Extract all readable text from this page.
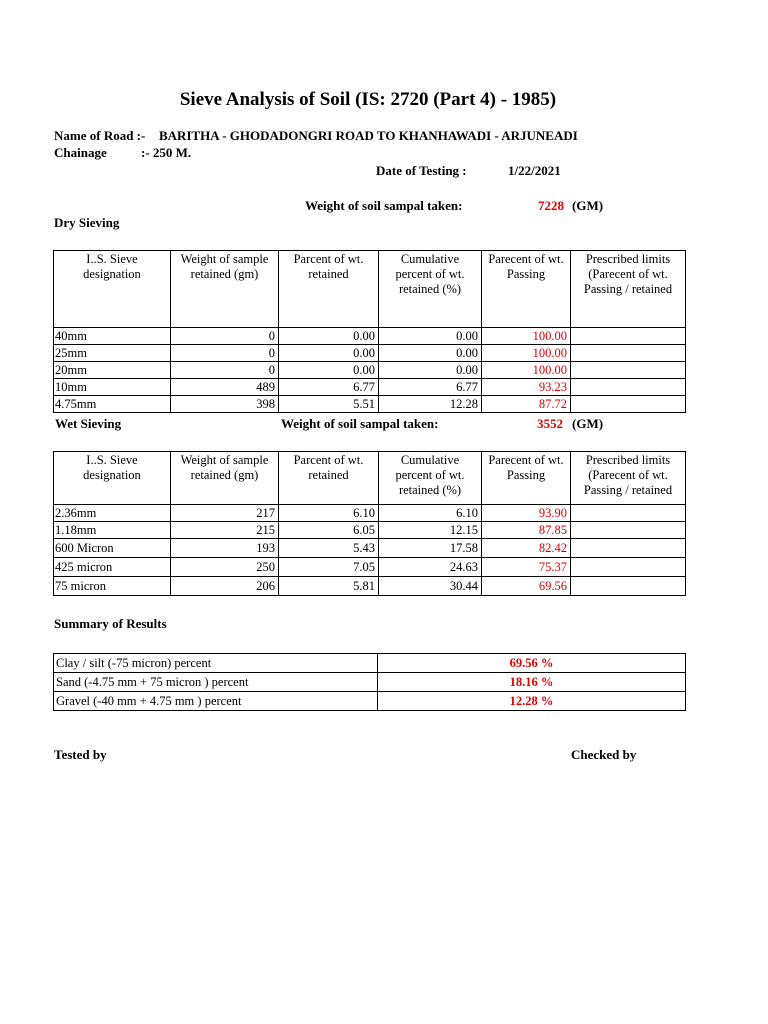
Sieve Analysis of Soil (IS: 2720 (Part 4) - 1985)
Name of Road :- BARITHA - GHODADONGRI ROAD TO KHANHAWADI - ARJUNEADI
Chainage	:- 250 M.
Date of Testing :	1/22/2021
Weight of soil sampal taken:	7228 (GM)
Dry Sieving
I..S. Sieve designation	Weight of sample retained (gm)	Parcent of wt. retained	Cumulative percent of wt. retained (%)	Parecent of wt. Passing	Prescribed limits (Parecent of wt. Passing / retained
40mm	0	0.00	0.00	100.00	
25mm	0	0.00	0.00	100.00	
20mm	0	0.00	0.00	100.00	
10mm	489	6.77	6.77	93.23	
4.75mm	398	5.51	12.28	87.72	
Wet Sieving	Weight of soil sampal taken:	3552 (GM)
I..S. Sieve designation	Weight of sample retained (gm)	Parcent of wt. retained	Cumulative percent of wt. retained (%)	Parecent of wt. Passing	Prescribed limits (Parecent of wt. Passing / retained
2.36mm	217	6.10	6.10	93.90	
1.18mm	215	6.05	12.15	87.85	
600 Micron	193	5.43	17.58	82.42	
425 micron	250	7.05	24.63	75.37	
75 micron	206	5.81	30.44	69.56	
Summary of Results
Clay / silt (-75 micron) percent	69.56 %
Sand (-4.75 mm + 75 micron ) percent	18.16 %
Gravel (-40 mm + 4.75 mm ) percent	12.28 %
Tested by	Checked by
